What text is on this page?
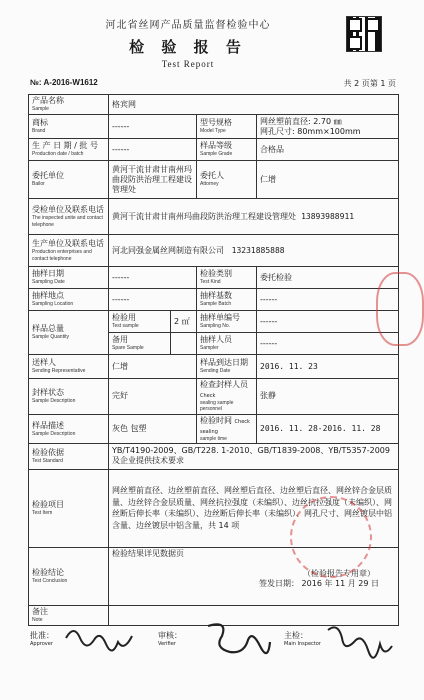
河北省丝网产品质量监督检验中心
检 验 报 告
Test Report
№: A-2016-W1612	共 2 页第 1 页
产品名称
Sample	格宾网			

商标
Brand	------		型号规格
Model Type	网丝塑前直径: 2.70 ㎜
网孔尺寸: 80mm×100mm

生 产 日 期 / 批 号
Production date / batch	------		样品等级
Sample Grade	合格品

委托单位
Bailor	黄河干流甘肃甘南州玛曲段防洪治理工程建设管理处		委托人
Attorney	仁增

受检单位及联系电话
The inspected unite and contact telephone	黄河干流甘肃甘南州玛曲段防洪治理工程建设管理处 13893988911			

生产单位及联系电话
Production enterprises and contact telephone	河北同强金属丝网制造有限公司 13231885888			

抽样日期
Sampling Date	------		检验类别
Test Kind	委托检验

抽样地点
Sampling Location	------		抽样基数
Sample Batch	------

样品总量
Sample Quantity	检验用
Test sample	2 ㎡	抽样单编号
Sampling No.	------

	备用
Spare Sample		抽样人员
Sampler	------

送样人
Sending Representative	仁增		样品到达日期
Sending Date	2016. 11. 23

封样状态
Sample Description	完好		检查封样人员 Check
sealing sample personnel	张静

样品描述
Sample Description	灰色 包塑		检验时间 Check sealing
sample time	2016. 11. 28-2016. 11. 28

检验依据
Test Standard	YB/T4190-2009、GB/T228. 1-2010、GB/T1839-2008、YB/T5357-2009 及企业提供技术要求			

检验项目
Test Item	网丝塑前直径、边丝塑前直径、网丝塑后直径、边丝塑后直径、网丝锌合金层质量、边丝锌合金层质量、网丝抗拉强度（未编织）、边丝抗拉强度（未编织）、网丝断后伸长率（未编织）、边丝断后伸长率（未编织）、网孔尺寸、网丝镀层中铝含量、边丝镀层中铝含量，共 14 项			

检验结论
Test Conclusion	检验结果详见数据页
（检验报告专用章）
签发日期： 2016 年 11 月 29 日			

备注
Note				

批准：
Approver
审核：
Verifier
主检：
Main Inspector
